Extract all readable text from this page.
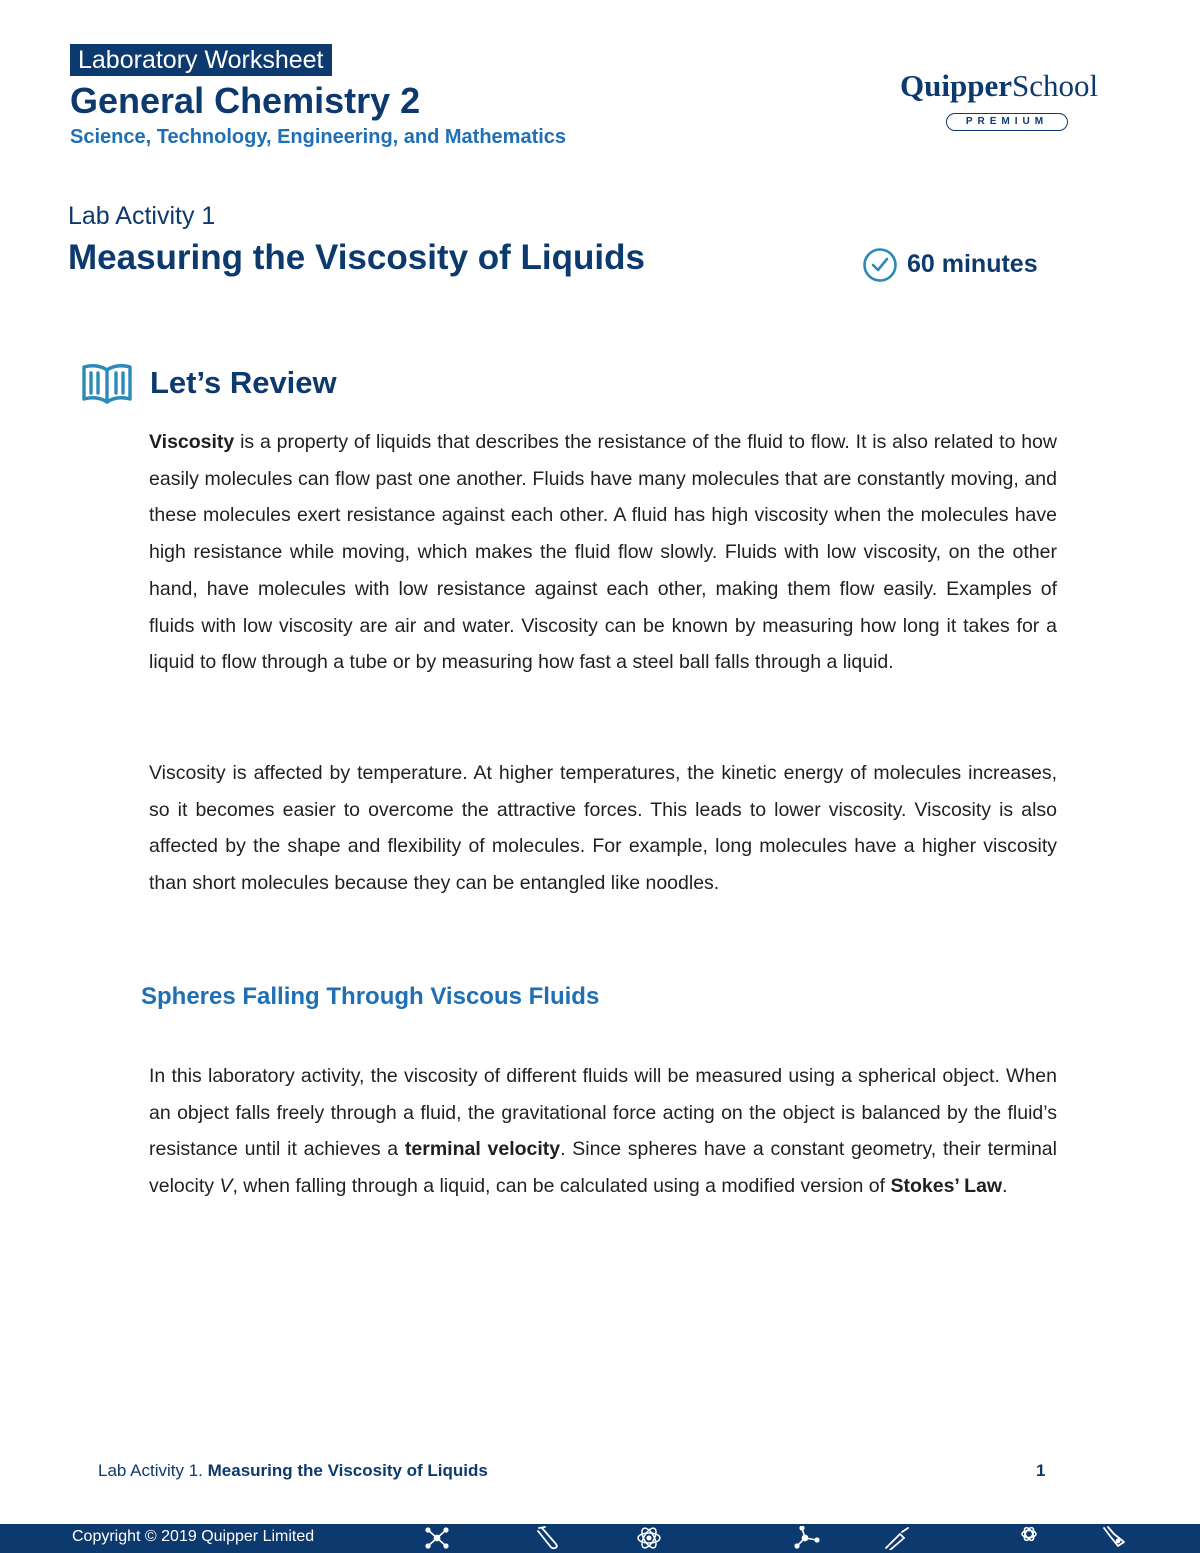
Laboratory Worksheet
General Chemistry 2
Science, Technology, Engineering, and Mathematics
QuipperSchool
PREMIUM
Lab Activity 1
Measuring the Viscosity of Liquids	60 minutes
Let’s Review
Viscosity is a property of liquids that describes the resistance of the fluid to flow. It is also related to how easily molecules can flow past one another. Fluids have many molecules that are constantly moving, and these molecules exert resistance against each other. A fluid has high viscosity when the molecules have high resistance while moving, which makes the fluid flow slowly. Fluids with low viscosity, on the other hand, have molecules with low resistance against each other, making them flow easily. Examples of fluids with low viscosity are air and water. Viscosity can be known by measuring how long it takes for a liquid to flow through a tube or by measuring how fast a steel ball falls through a liquid.
Viscosity is affected by temperature. At higher temperatures, the kinetic energy of molecules increases, so it becomes easier to overcome the attractive forces. This leads to lower viscosity. Viscosity is also affected by the shape and flexibility of molecules. For example, long molecules have a higher viscosity than short molecules because they can be entangled like noodles.
Spheres Falling Through Viscous Fluids
In this laboratory activity, the viscosity of different fluids will be measured using a spherical object. When an object falls freely through a fluid, the gravitational force acting on the object is balanced by the fluid’s resistance until it achieves a terminal velocity. Since spheres have a constant geometry, their terminal velocity V, when falling through a liquid, can be calculated using a modified version of Stokes’ Law.
Lab Activity 1. Measuring the Viscosity of Liquids	1
Copyright © 2019 Quipper Limited
